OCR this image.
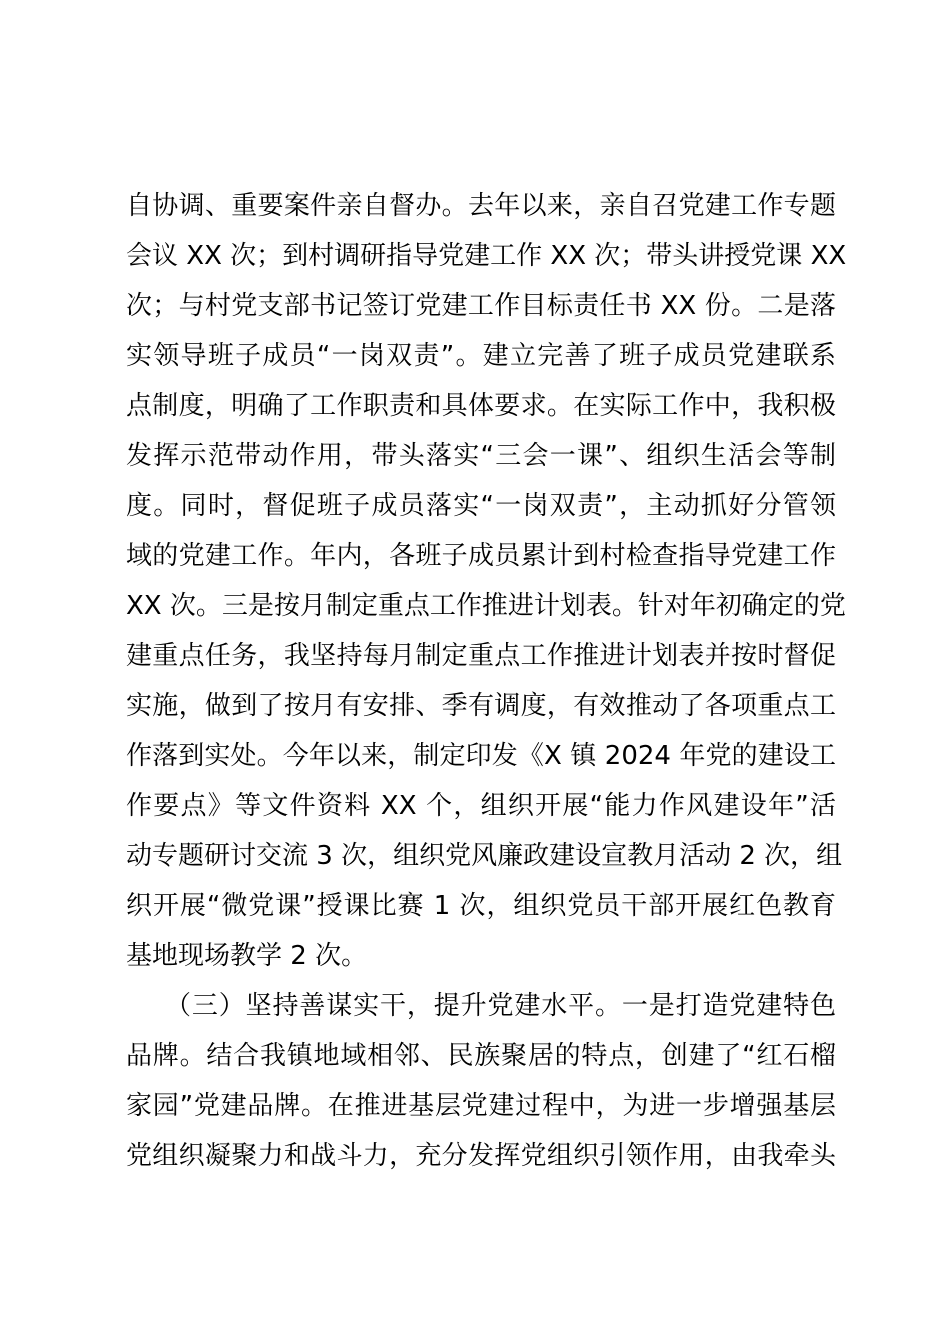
自协调、重要案件亲自督办。去年以来，亲自召党建工作专题
会议 XX 次；到村调研指导党建工作 XX 次；带头讲授党课 XX
次；与村党支部书记签订党建工作目标责任书 XX 份。二是落
实领导班子成员“一岗双责”。建立完善了班子成员党建联系
点制度，明确了工作职责和具体要求。在实际工作中，我积极
发挥示范带动作用，带头落实“三会一课”、组织生活会等制
度。同时，督促班子成员落实“一岗双责”，主动抓好分管领
域的党建工作。年内，各班子成员累计到村检查指导党建工作
XX 次。三是按月制定重点工作推进计划表。针对年初确定的党
建重点任务，我坚持每月制定重点工作推进计划表并按时督促
实施，做到了按月有安排、季有调度，有效推动了各项重点工
作落到实处。今年以来，制定印发《X 镇 2024 年党的建设工
作要点》等文件资料 XX 个，组织开展“能力作风建设年”活
动专题研讨交流 3 次，组织党风廉政建设宣教月活动 2 次，组
织开展“微党课”授课比赛 1 次，组织党员干部开展红色教育
基地现场教学 2 次。
（三）坚持善谋实干，提升党建水平。一是打造党建特色
品牌。结合我镇地域相邻、民族聚居的特点，创建了“红石榴
家园”党建品牌。在推进基层党建过程中，为进一步增强基层
党组织凝聚力和战斗力，充分发挥党组织引领作用，由我牵头
